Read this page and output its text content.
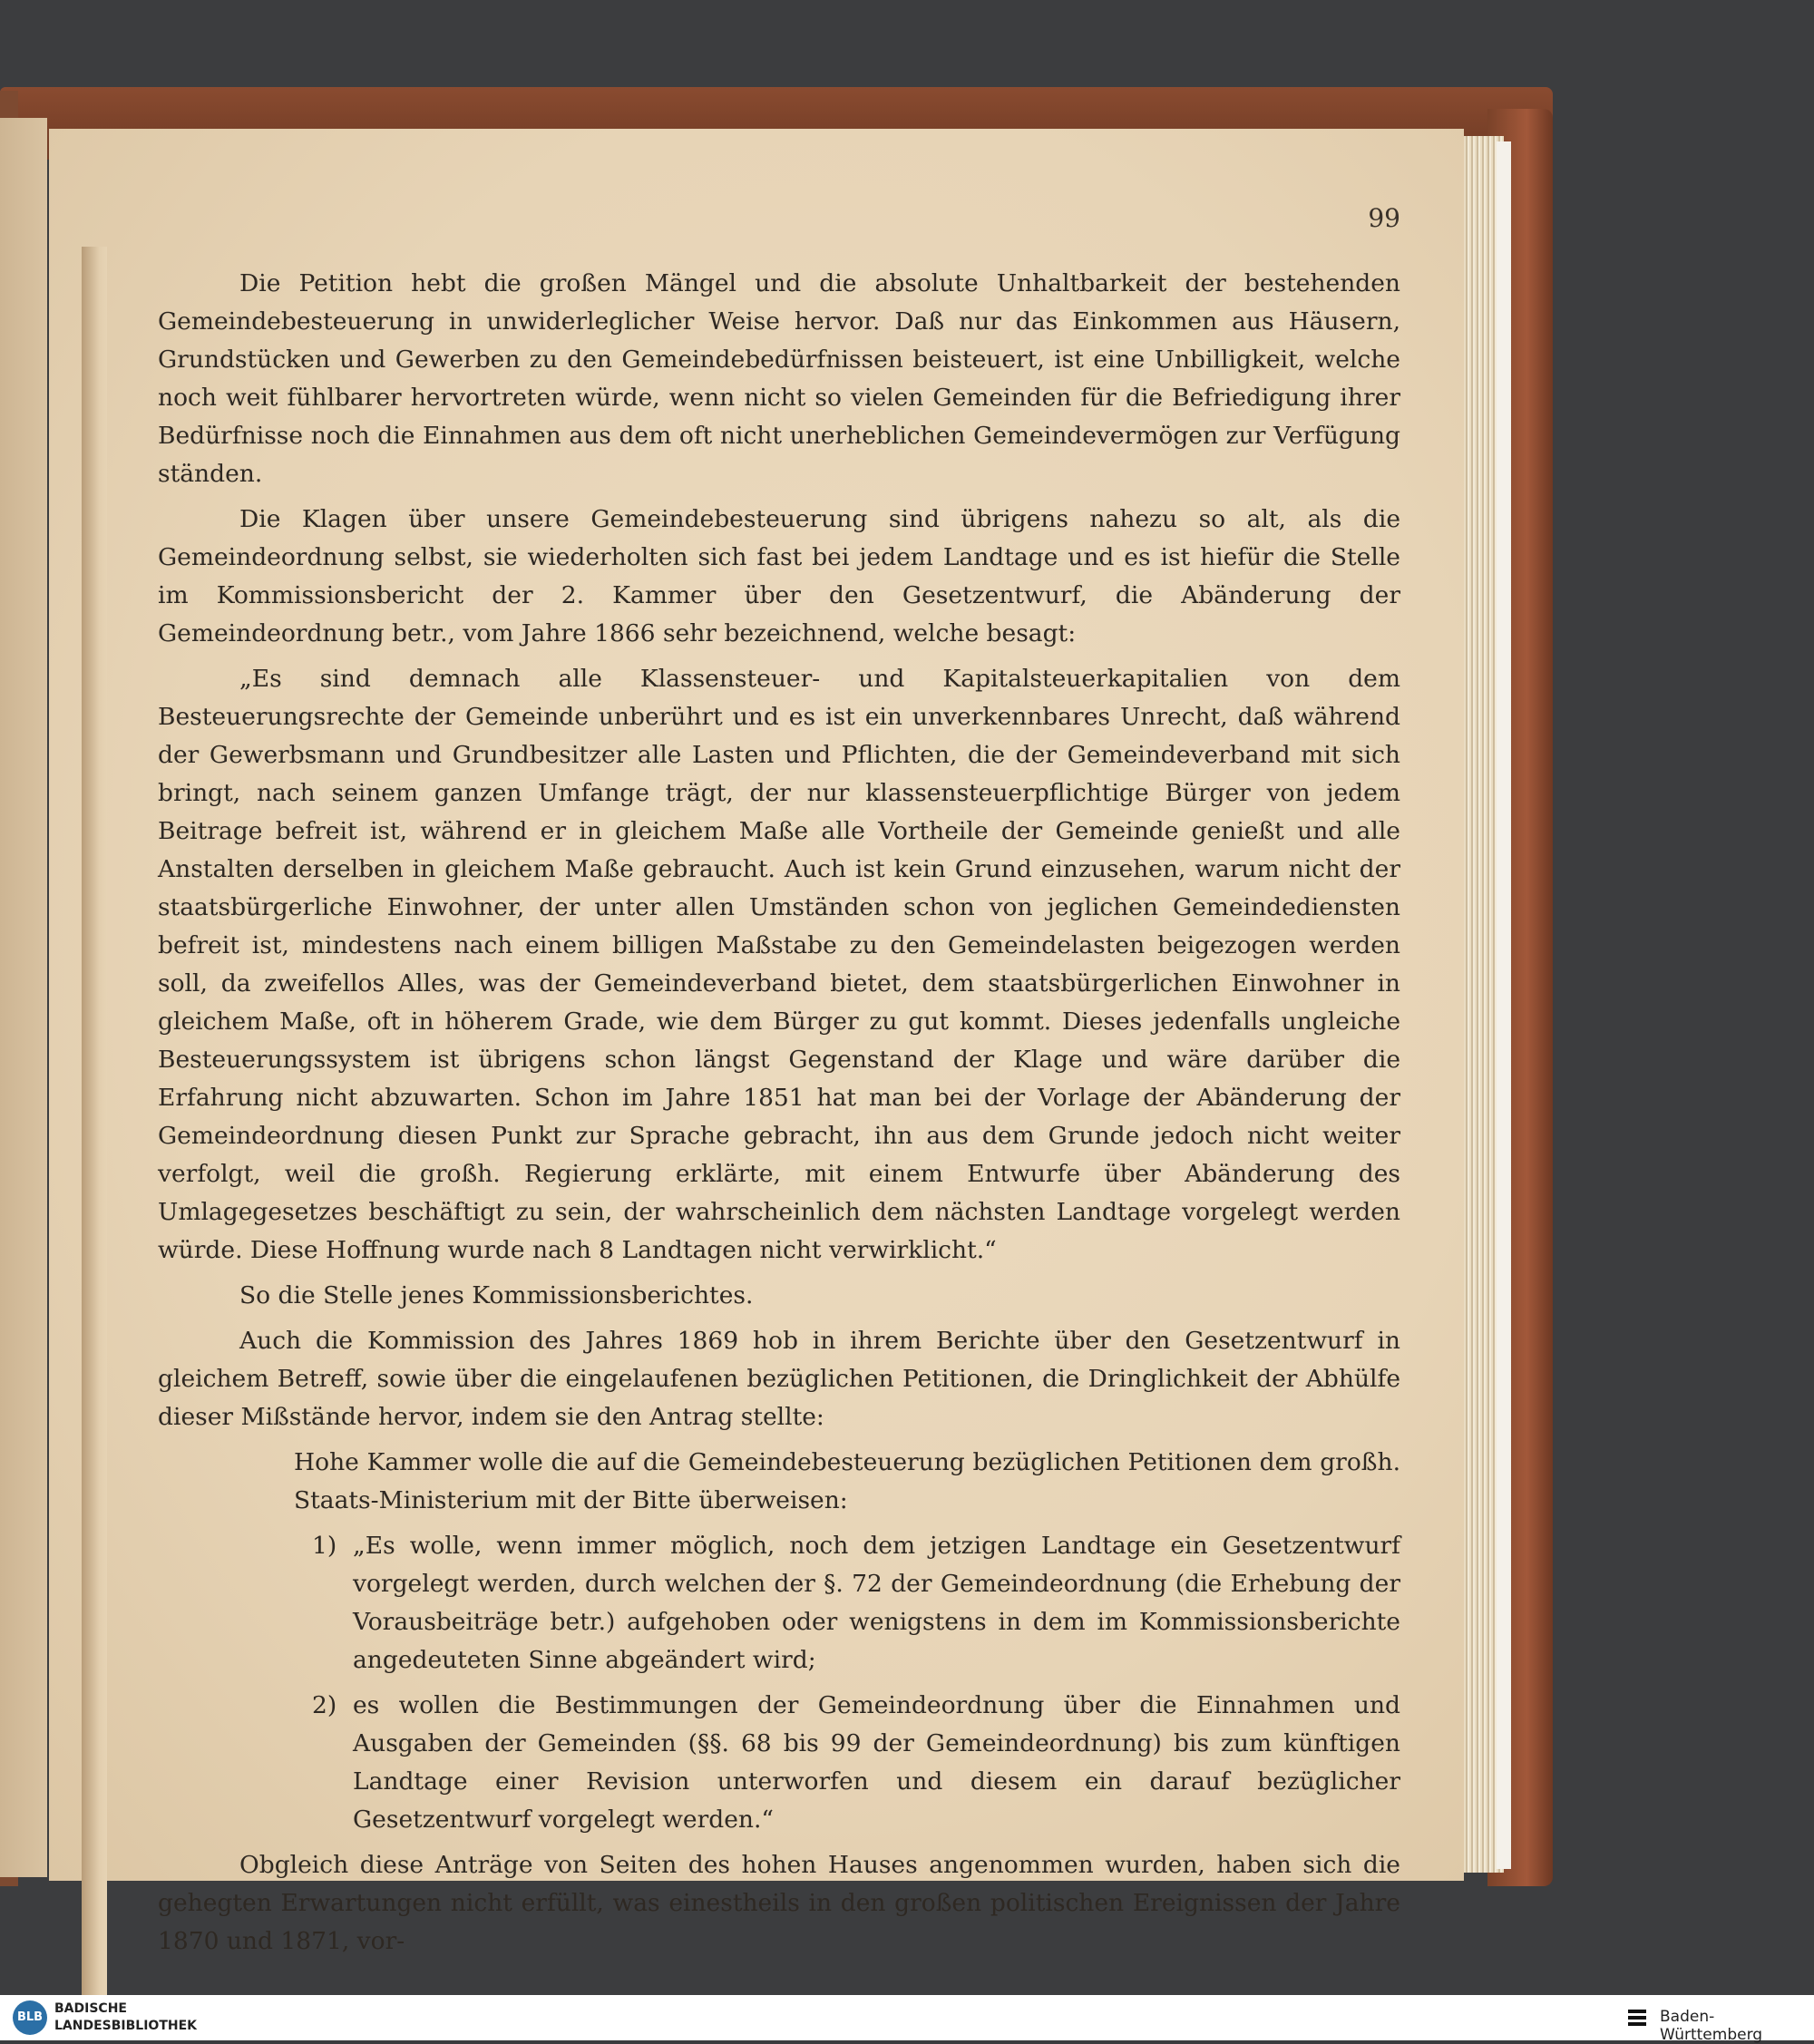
99

Die Petition hebt die großen Mängel und die absolute Unhaltbarkeit der bestehenden Gemeindebesteuerung in unwiderleglicher Weise hervor. Daß nur das Einkommen aus Häusern, Grundstücken und Gewerben zu den Gemeindebedürfnissen beisteuert, ist eine Unbilligkeit, welche noch weit fühlbarer hervortreten würde, wenn nicht so vielen Gemeinden für die Befriedigung ihrer Bedürfnisse noch die Einnahmen aus dem oft nicht unerheblichen Gemeindevermögen zur Verfügung ständen.

Die Klagen über unsere Gemeindebesteuerung sind übrigens nahezu so alt, als die Gemeindeordnung selbst, sie wiederholten sich fast bei jedem Landtage und es ist hiefür die Stelle im Kommissionsbericht der 2. Kammer über den Gesetzentwurf, die Abänderung der Gemeindeordnung betr., vom Jahre 1866 sehr bezeichnend, welche besagt:

„Es sind demnach alle Klassensteuer- und Kapitalsteuerkapitalien von dem Besteuerungsrechte der Gemeinde unberührt und es ist ein unverkennbares Unrecht, daß während der Gewerbsmann und Grundbesitzer alle Lasten und Pflichten, die der Gemeindeverband mit sich bringt, nach seinem ganzen Umfange trägt, der nur klassensteuerpflichtige Bürger von jedem Beitrage befreit ist, während er in gleichem Maße alle Vortheile der Gemeinde genießt und alle Anstalten derselben in gleichem Maße gebraucht. Auch ist kein Grund einzusehen, warum nicht der staatsbürgerliche Einwohner, der unter allen Umständen schon von jeglichen Gemeindediensten befreit ist, mindestens nach einem billigen Maßstabe zu den Gemeindelasten beigezogen werden soll, da zweifellos Alles, was der Gemeindeverband bietet, dem staatsbürgerlichen Einwohner in gleichem Maße, oft in höherem Grade, wie dem Bürger zu gut kommt. Dieses jedenfalls ungleiche Besteuerungssystem ist übrigens schon längst Gegenstand der Klage und wäre darüber die Erfahrung nicht abzuwarten. Schon im Jahre 1851 hat man bei der Vorlage der Abänderung der Gemeindeordnung diesen Punkt zur Sprache gebracht, ihn aus dem Grunde jedoch nicht weiter verfolgt, weil die großh. Regierung erklärte, mit einem Entwurfe über Abänderung des Umlagegesetzes beschäftigt zu sein, der wahrscheinlich dem nächsten Landtage vorgelegt werden würde. Diese Hoffnung wurde nach 8 Landtagen nicht verwirklicht.“

So die Stelle jenes Kommissionsberichtes.

Auch die Kommission des Jahres 1869 hob in ihrem Berichte über den Gesetzentwurf in gleichem Betreff, sowie über die eingelaufenen bezüglichen Petitionen, die Dringlichkeit der Abhülfe dieser Mißstände hervor, indem sie den Antrag stellte:

Hohe Kammer wolle die auf die Gemeindebesteuerung bezüglichen Petitionen dem großh. Staats-Ministerium mit der Bitte überweisen:

1) „Es wolle, wenn immer möglich, noch dem jetzigen Landtage ein Gesetzentwurf vorgelegt werden, durch welchen der §. 72 der Gemeindeordnung (die Erhebung der Vorausbeiträge betr.) aufgehoben oder wenigstens in dem im Kommissionsberichte angedeuteten Sinne abgeändert wird;
2) es wollen die Bestimmungen der Gemeindeordnung über die Einnahmen und Ausgaben der Gemeinden (§§. 68 bis 99 der Gemeindeordnung) bis zum künftigen Landtage einer Revision unterworfen und diesem ein darauf bezüglicher Gesetzentwurf vorgelegt werden.“

Obgleich diese Anträge von Seiten des hohen Hauses angenommen wurden, haben sich die gehegten Erwartungen nicht erfüllt, was einestheils in den großen politischen Ereignissen der Jahre 1870 und 1871, vor-

BLB
BADISCHE
LANDESBIBLIOTHEK	Baden-Württemberg
